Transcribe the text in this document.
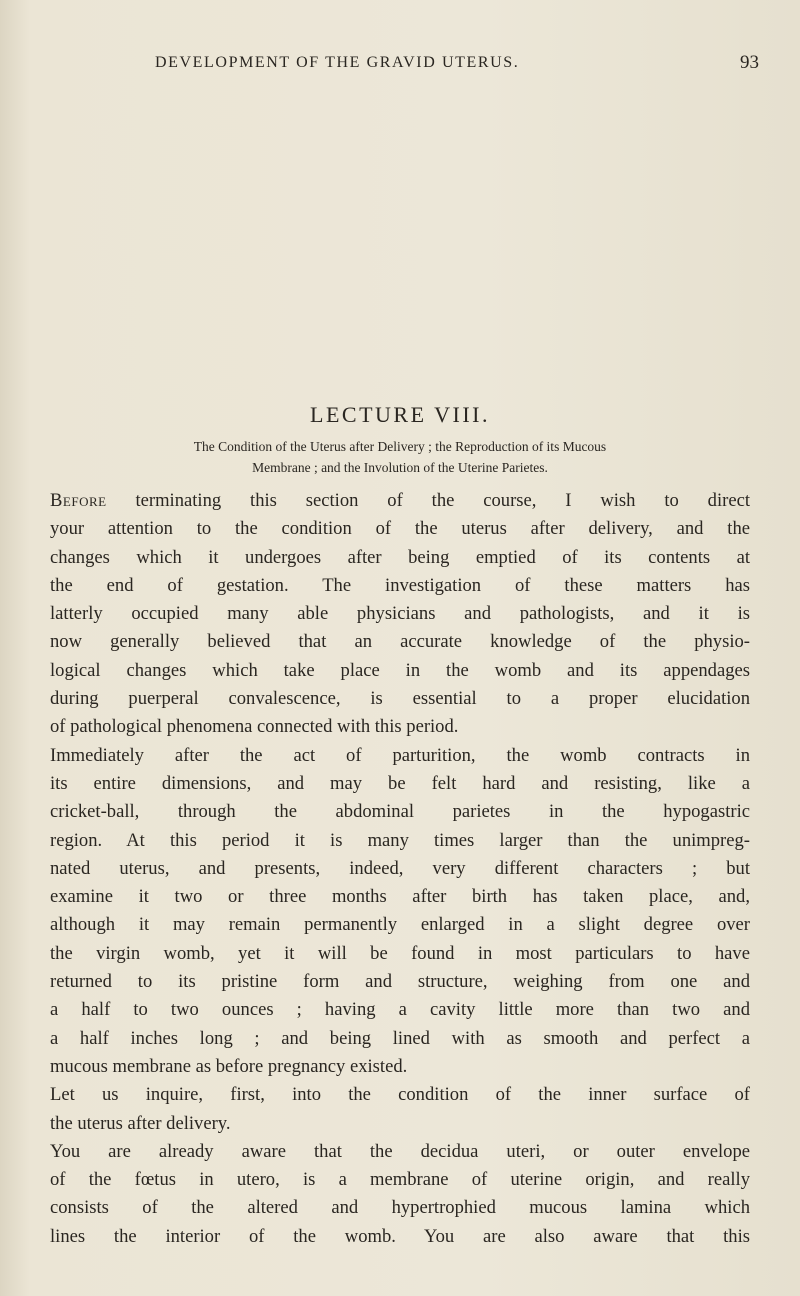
DEVELOPMENT OF THE GRAVID UTERUS.	93
LECTURE VIII.
The Condition of the Uterus after Delivery ; the Reproduction of its Mucous
Membrane ; and the Involution of the Uterine Parietes.
Before terminating this section of the course, I wish to direct
your attention to the condition of the uterus after delivery, and the
changes which it undergoes after being emptied of its contents at
the end of gestation. The investigation of these matters has
latterly occupied many able physicians and pathologists, and it is
now generally believed that an accurate knowledge of the physio-
logical changes which take place in the womb and its appendages
during puerperal convalescence, is essential to a proper elucidation
of pathological phenomena connected with this period.
Immediately after the act of parturition, the womb contracts in
its entire dimensions, and may be felt hard and resisting, like a
cricket-ball, through the abdominal parietes in the hypogastric
region. At this period it is many times larger than the unimpreg-
nated uterus, and presents, indeed, very different characters ; but
examine it two or three months after birth has taken place, and,
although it may remain permanently enlarged in a slight degree over
the virgin womb, yet it will be found in most particulars to have
returned to its pristine form and structure, weighing from one and
a half to two ounces ; having a cavity little more than two and
a half inches long ; and being lined with as smooth and perfect a
mucous membrane as before pregnancy existed.
Let us inquire, first, into the condition of the inner surface of
the uterus after delivery.
You are already aware that the decidua uteri, or outer envelope
of the fœtus in utero, is a membrane of uterine origin, and really
consists of the altered and hypertrophied mucous lamina which
lines the interior of the womb. You are also aware that this
